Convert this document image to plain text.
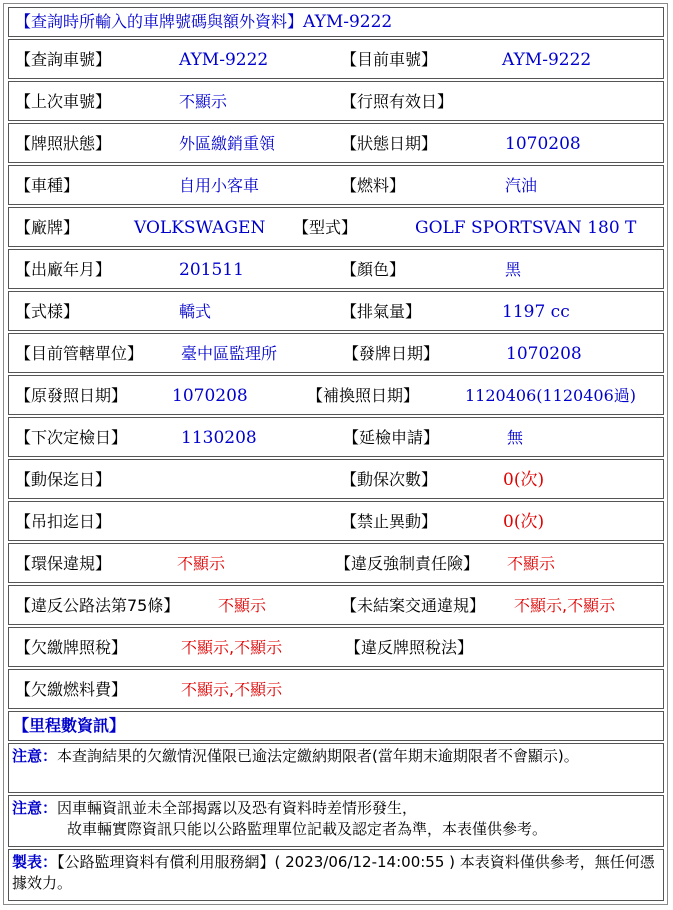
【查詢時所輸入的車牌號碼與額外資料】AYM-9222
【查詢車號】	AYM-9222	【目前車號】	AYM-9222
【上次車號】	不顯示	【行照有效日】
【牌照狀態】	外區繳銷重領	【狀態日期】	1070208
【車種】	自用小客車	【燃料】	汽油
【廠牌】	VOLKSWAGEN 【型式】	GOLF SPORTSVAN 180 T
【出廠年月】	201511	【顏色】	黑
【式樣】	轎式	【排氣量】	1197 cc
【目前管轄單位】 臺中區監理所	【發牌日期】	1070208
【原發照日期】	1070208	【補換照日期】	1120406(1120406過)
【下次定檢日】	1130208	【延檢申請】	無
【動保迄日】	【動保次數】	0(次)
【吊扣迄日】	【禁止異動】	0(次)
【環保違規】	不顯示	【違反強制責任險】 不顯示
【違反公路法第75條】 不顯示	【未結案交通違規】 不顯示,不顯示
【欠繳牌照稅】	不顯示,不顯示	【違反牌照稅法】
【欠繳燃料費】	不顯示,不顯示
【里程數資訊】
注意：本查詢結果的欠繳情況僅限已逾法定繳納期限者(當年期末逾期限者不會顯示)。
注意：因車輛資訊並未全部揭露以及恐有資料時差情形發生，
故車輛實際資訊只能以公路監理單位記載及認定者為準，本表僅供參考。
製表：【公路監理資料有償利用服務網】( 2023/06/12-14:00:55 ) 本表資料僅供參考，無任何憑據效力。
